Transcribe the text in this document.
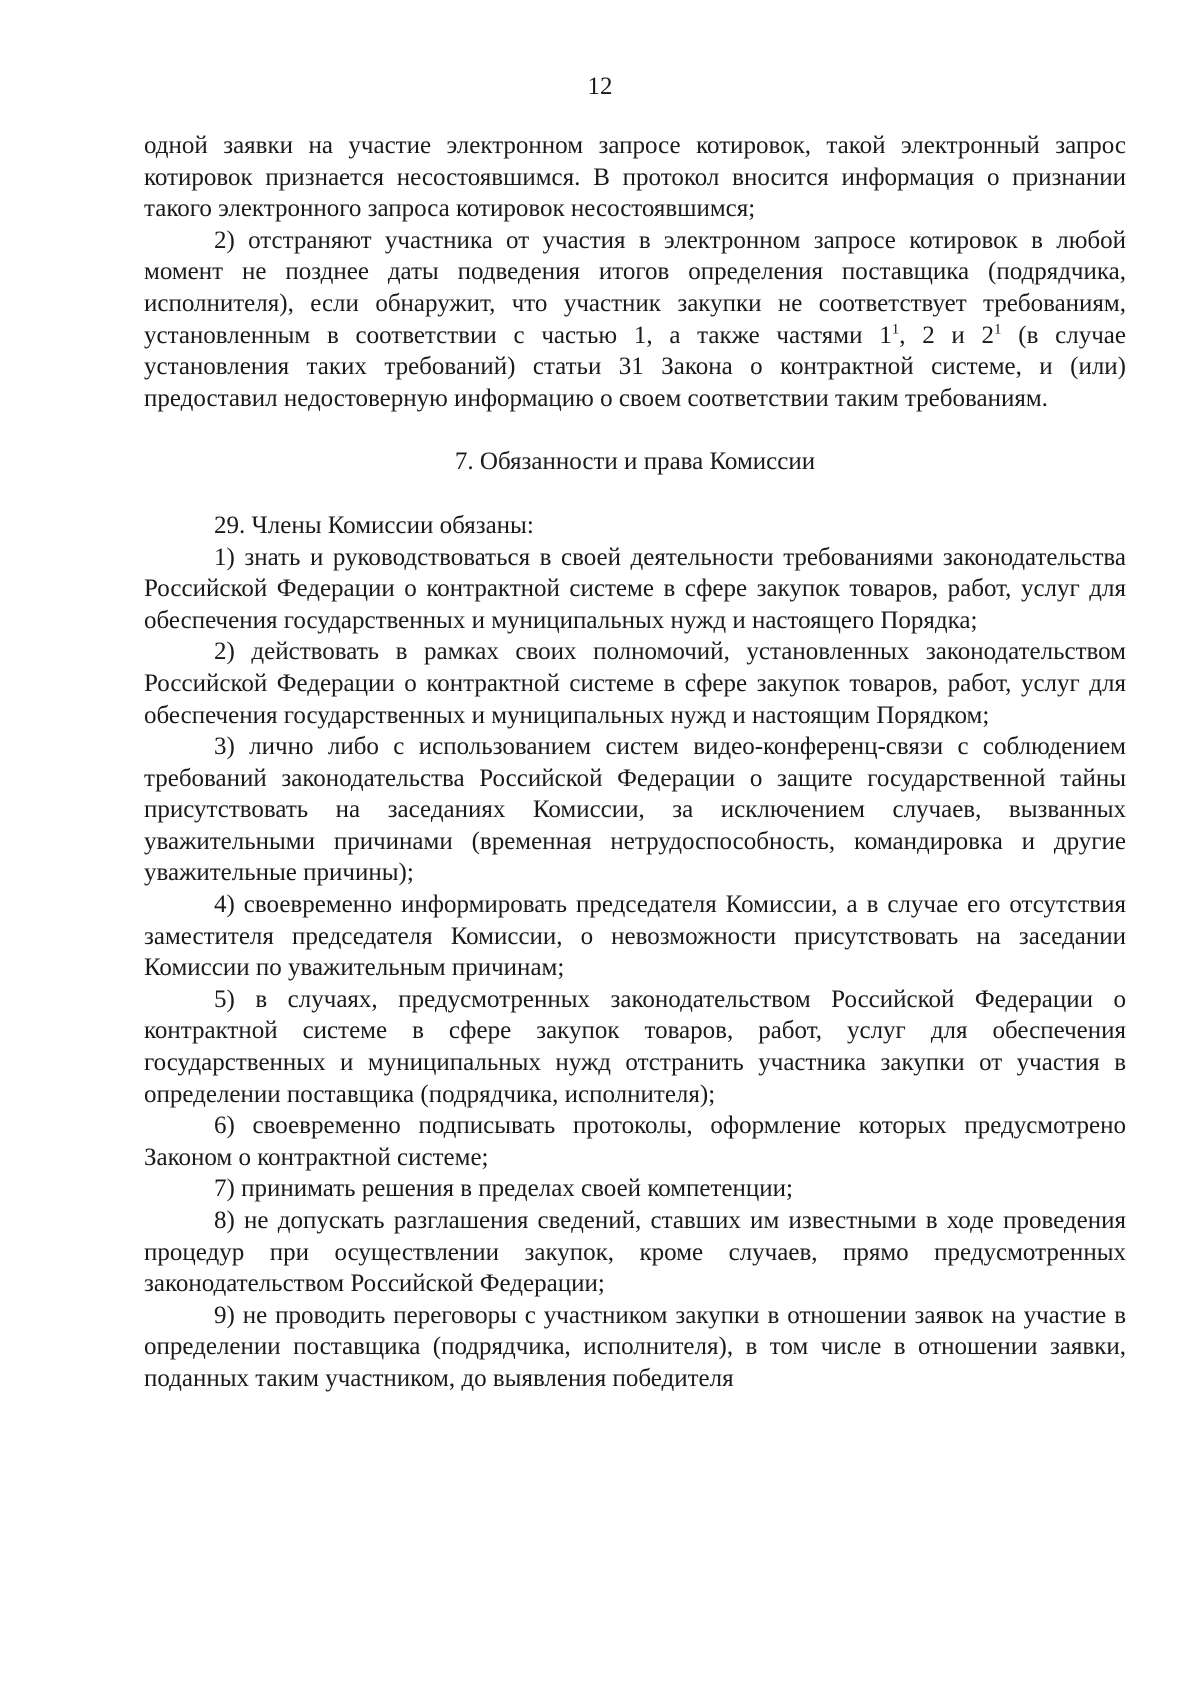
12

одной заявки на участие электронном запросе котировок, такой электронный запрос котировок признается несостоявшимся. В протокол вносится информация о признании такого электронного запроса котировок несостоявшимся;

2) отстраняют участника от участия в электронном запросе котировок в любой момент не позднее даты подведения итогов определения поставщика (подрядчика, исполнителя), если обнаружит, что участник закупки не соответствует требованиям, установленным в соответствии с частью 1, а также частями $1^1$, 2 и $2^1$ (в случае установления таких требований) статьи 31 Закона о контрактной системе, и (или) предоставил недостоверную информацию о своем соответствии таким требованиям.

7. Обязанности и права Комиссии

29. Члены Комиссии обязаны:

1) знать и руководствоваться в своей деятельности требованиями законодательства Российской Федерации о контрактной системе в сфере закупок товаров, работ, услуг для обеспечения государственных и муниципальных нужд и настоящего Порядка;

2) действовать в рамках своих полномочий, установленных законодательством Российской Федерации о контрактной системе в сфере закупок товаров, работ, услуг для обеспечения государственных и муниципальных нужд и настоящим Порядком;

3) лично либо с использованием систем видео-конференц-связи с соблюдением требований законодательства Российской Федерации о защите государственной тайны присутствовать на заседаниях Комиссии, за исключением случаев, вызванных уважительными причинами (временная нетрудоспособность, командировка и другие уважительные причины);

4) своевременно информировать председателя Комиссии, а в случае его отсутствия заместителя председателя Комиссии, о невозможности присутствовать на заседании Комиссии по уважительным причинам;

5) в случаях, предусмотренных законодательством Российской Федерации о контрактной системе в сфере закупок товаров, работ, услуг для обеспечения государственных и муниципальных нужд отстранить участника закупки от участия в определении поставщика (подрядчика, исполнителя);

6) своевременно подписывать протоколы, оформление которых предусмотрено Законом о контрактной системе;

7) принимать решения в пределах своей компетенции;

8) не допускать разглашения сведений, ставших им известными в ходе проведения процедур при осуществлении закупок, кроме случаев, прямо предусмотренных законодательством Российской Федерации;

9) не проводить переговоры с участником закупки в отношении заявок на участие в определении поставщика (подрядчика, исполнителя), в том числе в отношении заявки, поданных таким участником, до выявления победителя
